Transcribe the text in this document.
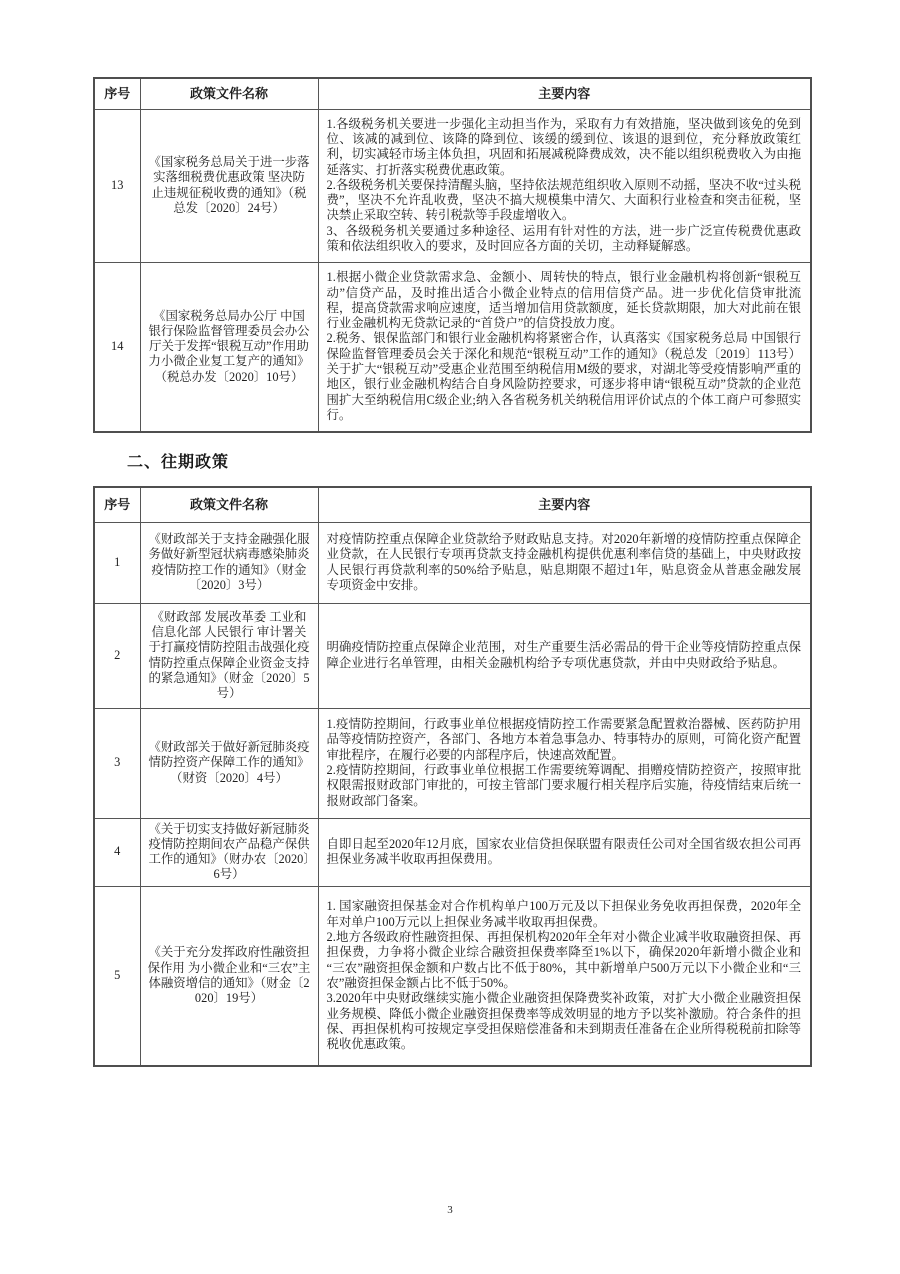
序号	政策文件名称	主要内容
13	《国家税务总局关于进一步落实落细税费优惠政策 坚决防止违规征税收费的通知》（税总发〔2020〕24号）	1.各级税务机关要进一步强化主动担当作为，采取有力有效措施，坚决做到该免的免到位、该减的减到位、该降的降到位、该缓的缓到位、该退的退到位，充分释放政策红利，切实减轻市场主体负担，巩固和拓展减税降费成效，决不能以组织税费收入为由拖延落实、打折落实税费优惠政策。
2.各级税务机关要保持清醒头脑，坚持依法规范组织收入原则不动摇，坚决不收“过头税费”，坚决不允许乱收费，坚决不搞大规模集中清欠、大面积行业检查和突击征税，坚决禁止采取空转、转引税款等手段虚增收入。
3、各级税务机关要通过多种途径、运用有针对性的方法，进一步广泛宣传税费优惠政策和依法组织收入的要求，及时回应各方面的关切，主动释疑解惑。

14	《国家税务总局办公厅 中国银行保险监督管理委员会办公厅关于发挥“银税互动”作用助力小微企业复工复产的通知》（税总办发〔2020〕10号）	1.根据小微企业贷款需求急、金额小、周转快的特点，银行业金融机构将创新“银税互动”信贷产品，及时推出适合小微企业特点的信用信贷产品。进一步优化信贷审批流程，提高贷款需求响应速度，适当增加信用贷款额度，延长贷款期限，加大对此前在银行业金融机构无贷款记录的“首贷户”的信贷投放力度。
2.税务、银保监部门和银行业金融机构将紧密合作，认真落实《国家税务总局 中国银行保险监督管理委员会关于深化和规范“银税互动”工作的通知》（税总发〔2019〕113号）关于扩大“银税互动”受惠企业范围至纳税信用M级的要求，对湖北等受疫情影响严重的地区，银行业金融机构结合自身风险防控要求，可逐步将申请“银税互动”贷款的企业范围扩大至纳税信用C级企业;纳入各省税务机关纳税信用评价试点的个体工商户可参照实行。
二、往期政策
序号	政策文件名称	主要内容
1	《财政部关于支持金融强化服务做好新型冠状病毒感染肺炎疫情防控工作的通知》（财金〔2020〕3号）	对疫情防控重点保障企业贷款给予财政贴息支持。对2020年新增的疫情防控重点保障企业贷款，在人民银行专项再贷款支持金融机构提供优惠利率信贷的基础上，中央财政按人民银行再贷款利率的50%给予贴息，贴息期限不超过1年，贴息资金从普惠金融发展专项资金中安排。

2	《财政部 发展改革委 工业和信息化部 人民银行 审计署关于打赢疫情防控阻击战强化疫情防控重点保障企业资金支持的紧急通知》（财金〔2020〕5号）	明确疫情防控重点保障企业范围，对生产重要生活必需品的骨干企业等疫情防控重点保障企业进行名单管理，由相关金融机构给予专项优惠贷款，并由中央财政给予贴息。

3	《财政部关于做好新冠肺炎疫情防控资产保障工作的通知》（财资〔2020〕4号）	1.疫情防控期间，行政事业单位根据疫情防控工作需要紧急配置救治器械、医药防护用品等疫情防控资产，各部门、各地方本着急事急办、特事特办的原则，可简化资产配置审批程序，在履行必要的内部程序后，快速高效配置。
2.疫情防控期间，行政事业单位根据工作需要统筹调配、捐赠疫情防控资产，按照审批权限需报财政部门审批的，可按主管部门要求履行相关程序后实施，待疫情结束后统一报财政部门备案。

4	《关于切实支持做好新冠肺炎疫情防控期间农产品稳产保供工作的通知》（财办农〔2020〕6号）	自即日起至2020年12月底，国家农业信贷担保联盟有限责任公司对全国省级农担公司再担保业务减半收取再担保费用。

5	《关于充分发挥政府性融资担保作用 为小微企业和“三农”主体融资增信的通知》（财金〔2020〕19号）	1. 国家融资担保基金对合作机构单户100万元及以下担保业务免收再担保费，2020年全年对单户100万元以上担保业务减半收取再担保费。
2.地方各级政府性融资担保、再担保机构2020年全年对小微企业减半收取融资担保、再担保费，力争将小微企业综合融资担保费率降至1%以下，确保2020年新增小微企业和“三农”融资担保金额和户数占比不低于80%，其中新增单户500万元以下小微企业和“三农”融资担保金额占比不低于50%。
3.2020年中央财政继续实施小微企业融资担保降费奖补政策，对扩大小微企业融资担保业务规模、降低小微企业融资担保费率等成效明显的地方予以奖补激励。符合条件的担保、再担保机构可按规定享受担保赔偿准备和未到期责任准备在企业所得税税前扣除等税收优惠政策。
3
